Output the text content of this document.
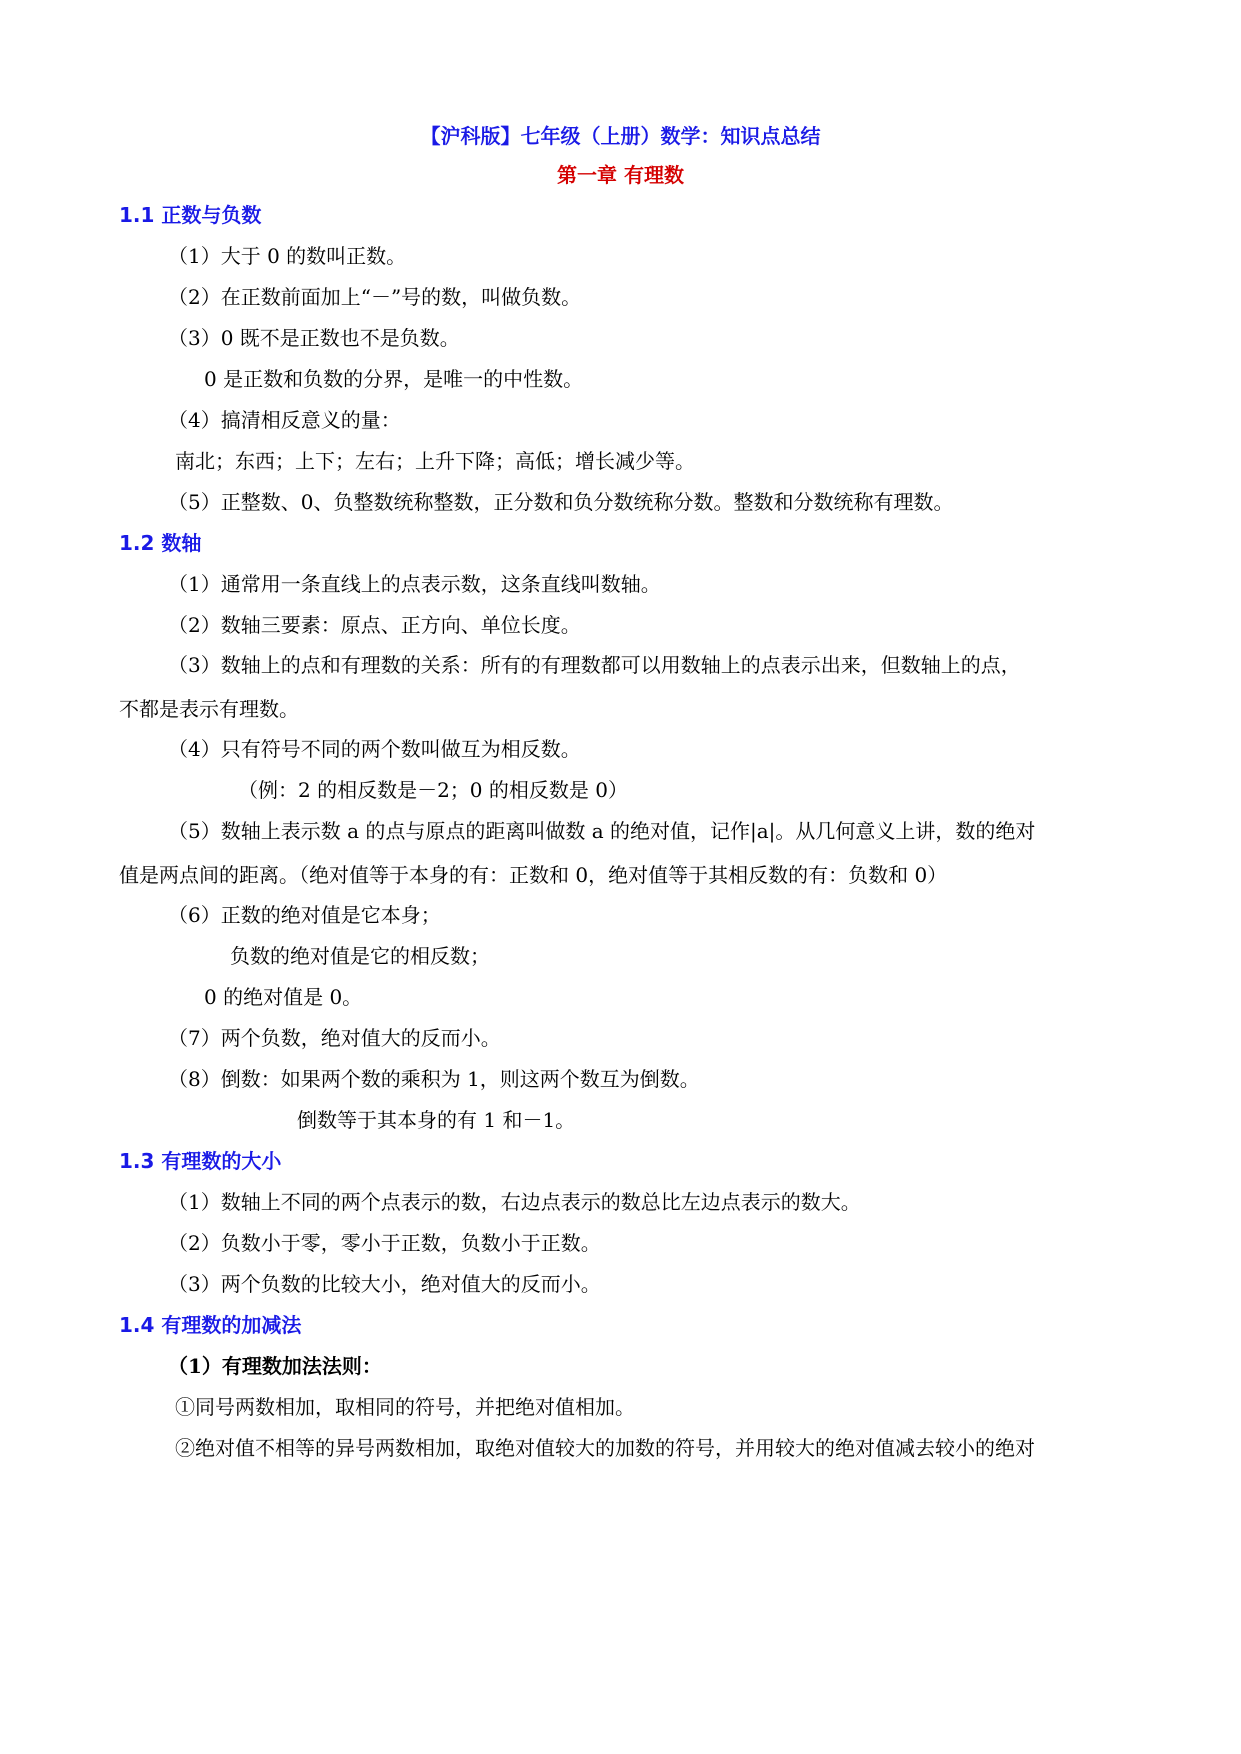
【沪科版】七年级（上册）数学：知识点总结
第一章 有理数
1.1 正数与负数
（1）大于 0 的数叫正数。
（2）在正数前面加上“－”号的数，叫做负数。
（3）0 既不是正数也不是负数。
0 是正数和负数的分界，是唯一的中性数。
（4）搞清相反意义的量：
南北；东西；上下；左右；上升下降；高低；增长减少等。
（5）正整数、0、负整数统称整数，正分数和负分数统称分数。整数和分数统称有理数。
1.2 数轴
（1）通常用一条直线上的点表示数，这条直线叫数轴。
（2）数轴三要素：原点、正方向、单位长度。
（3）数轴上的点和有理数的关系：所有的有理数都可以用数轴上的点表示出来，但数轴上的点，
不都是表示有理数。
（4）只有符号不同的两个数叫做互为相反数。
（例：2 的相反数是－2；0 的相反数是 0）
（5）数轴上表示数 a 的点与原点的距离叫做数 a 的绝对值，记作|a|。从几何意义上讲，数的绝对
值是两点间的距离。（绝对值等于本身的有：正数和 0，绝对值等于其相反数的有：负数和 0）
（6）正数的绝对值是它本身；
负数的绝对值是它的相反数；
0 的绝对值是 0。
（7）两个负数，绝对值大的反而小。
（8）倒数：如果两个数的乘积为 1，则这两个数互为倒数。
倒数等于其本身的有 1 和－1。
1.3 有理数的大小
（1）数轴上不同的两个点表示的数，右边点表示的数总比左边点表示的数大。
（2）负数小于零，零小于正数，负数小于正数。
（3）两个负数的比较大小，绝对值大的反而小。
1.4 有理数的加减法
（1）有理数加法法则：
①同号两数相加，取相同的符号，并把绝对值相加。
②绝对值不相等的异号两数相加，取绝对值较大的加数的符号，并用较大的绝对值减去较小的绝对
